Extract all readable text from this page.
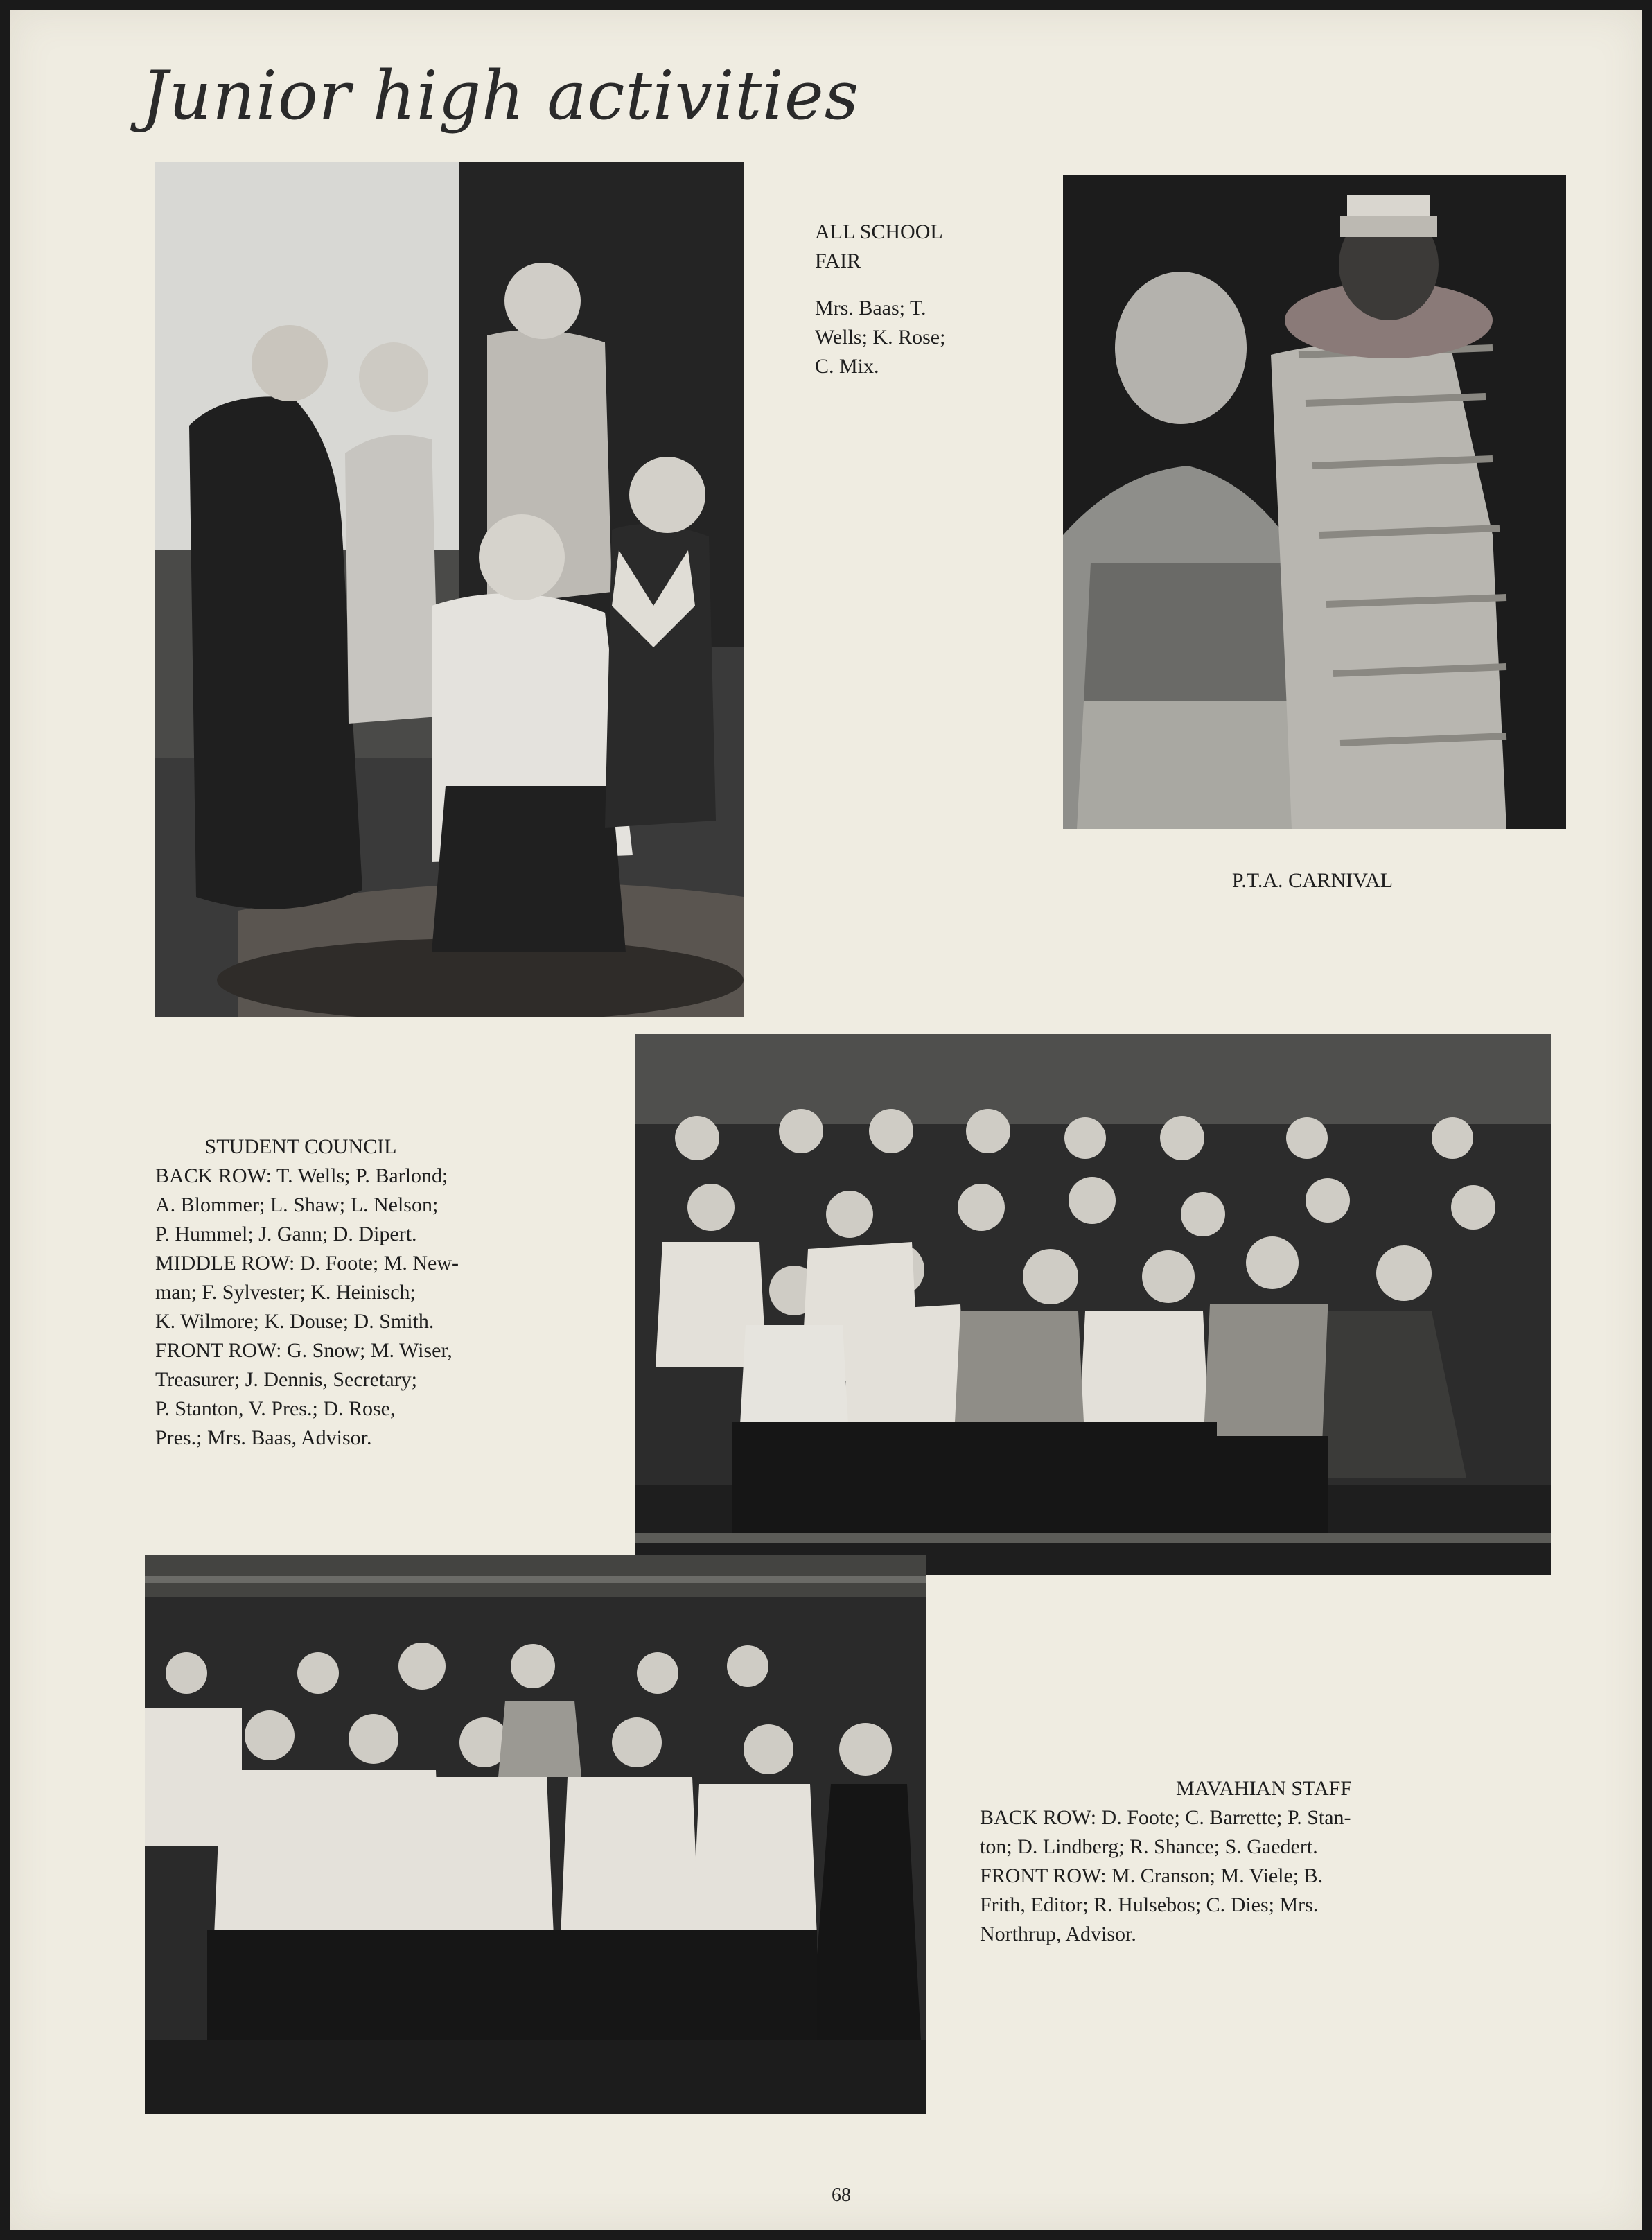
Junior high activities
ALL SCHOOL
FAIR
Mrs. Baas; T.
Wells; K. Rose;
C. Mix.
P.T.A. CARNIVAL
STUDENT COUNCIL
BACK ROW: T. Wells; P. Barlond;
A. Blommer; L. Shaw; L. Nelson;
P. Hummel; J. Gann; D. Dipert.
MIDDLE ROW: D. Foote; M. New-
man; F. Sylvester; K. Heinisch;
K. Wilmore; K. Douse; D. Smith.
FRONT ROW: G. Snow; M. Wiser,
Treasurer; J. Dennis, Secretary;
P. Stanton, V. Pres.; D. Rose,
Pres.; Mrs. Baas, Advisor.
MAVAHIAN STAFF
BACK ROW: D. Foote; C. Barrette; P. Stan-
ton; D. Lindberg; R. Shance; S. Gaedert.
FRONT ROW: M. Cranson; M. Viele; B.
Frith, Editor; R. Hulsebos; C. Dies; Mrs.
Northrup, Advisor.
68
